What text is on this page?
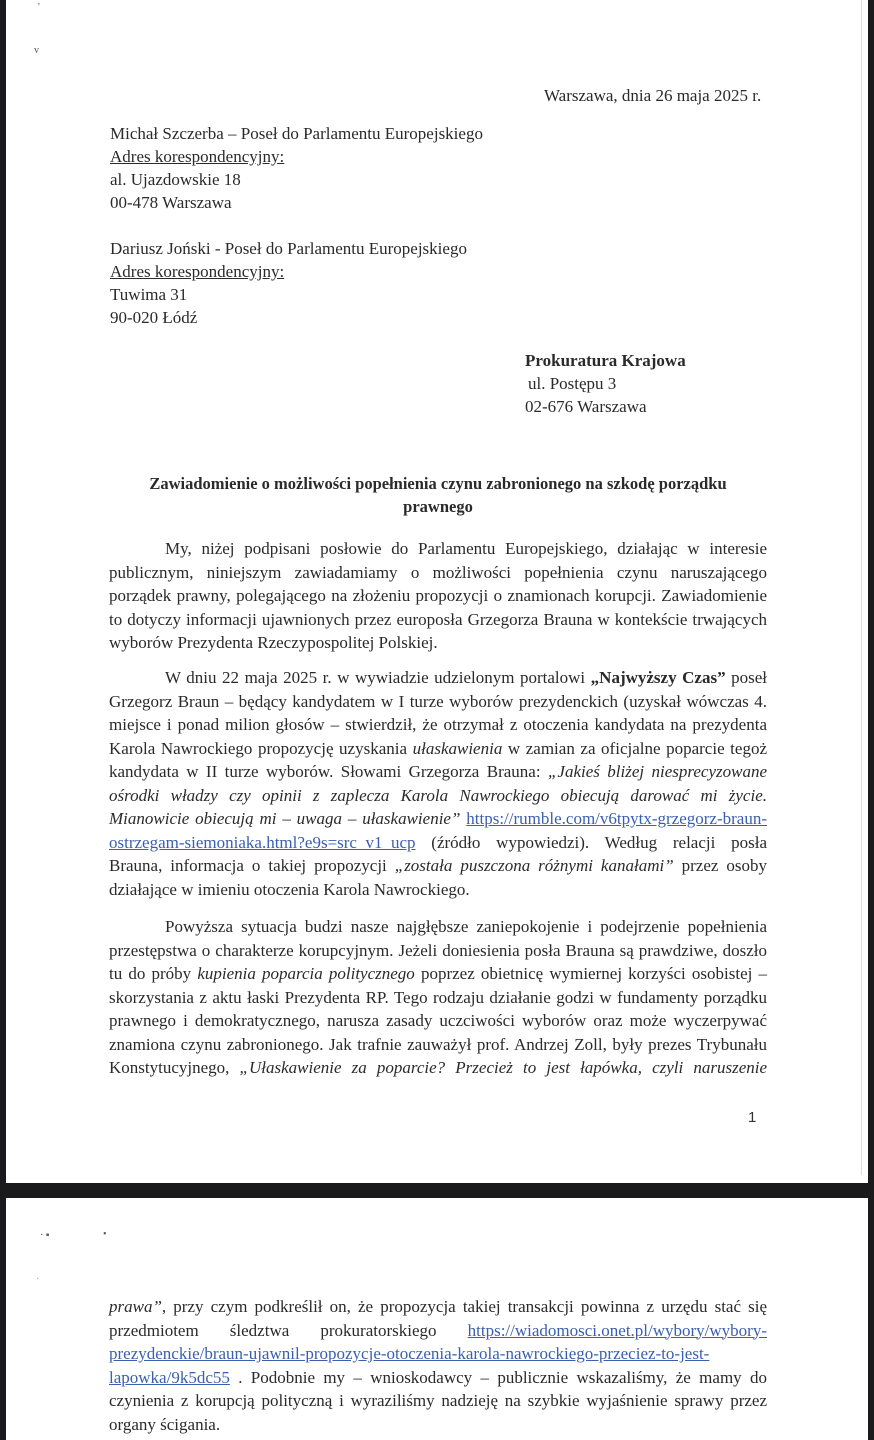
'
v
Warszawa, dnia 26 maja 2025 r.
Michał Szczerba – Poseł do Parlamentu Europejskiego
Adres korespondencyjny:
al. Ujazdowskie 18
00-478 Warszawa
Dariusz Joński - Poseł do Parlamentu Europejskiego
Adres korespondencyjny:
Tuwima 31
90-020 Łódź
Prokuratura Krajowa
ul. Postępu 3
02-676 Warszawa
Zawiadomienie o możliwości popełnienia czynu zabronionego na szkodę porządku
prawnego
My, niżej podpisani posłowie do Parlamentu Europejskiego, działając w interesie
publicznym, niniejszym zawiadamiamy o możliwości popełnienia czynu naruszającego
porządek prawny, polegającego na złożeniu propozycji o znamionach korupcji. Zawiadomienie
to dotyczy informacji ujawnionych przez europosła Grzegorza Brauna w kontekście trwających
wyborów Prezydenta Rzeczypospolitej Polskiej.
W dniu 22 maja 2025 r. w wywiadzie udzielonym portalowi „Najwyższy Czas” poseł
Grzegorz Braun – będący kandydatem w I turze wyborów prezydenckich (uzyskał wówczas 4.
miejsce i ponad milion głosów – stwierdził, że otrzymał z otoczenia kandydata na prezydenta
Karola Nawrockiego propozycję uzyskania ułaskawienia w zamian za oficjalne poparcie tegoż
kandydata w II turze wyborów. Słowami Grzegorza Brauna: „Jakieś bliżej niesprecyzowane
ośrodki władzy czy opinii z zaplecza Karola Nawrockiego obiecują darować mi życie.
Mianowicie obiecują mi – uwaga – ułaskawienie” https://rumble.com/v6tpytx-grzegorz-braun-
ostrzegam-siemoniaka.html?e9s=src_v1_ucp (źródło wypowiedzi). Według relacji posła
Brauna, informacja o takiej propozycji „została puszczona różnymi kanałami” przez osoby
działające w imieniu otoczenia Karola Nawrockiego.
Powyższa sytuacja budzi nasze najgłębsze zaniepokojenie i podejrzenie popełnienia
przestępstwa o charakterze korupcyjnym. Jeżeli doniesienia posła Brauna są prawdziwe, doszło
tu do próby kupienia poparcia politycznego poprzez obietnicę wymiernej korzyści osobistej –
skorzystania z aktu łaski Prezydenta RP. Tego rodzaju działanie godzi w fundamenty porządku
prawnego i demokratycznego, narusza zasady uczciwości wyborów oraz może wyczerpywać
znamiona czynu zabronionego. Jak trafnie zauważył prof. Andrzej Zoll, były prezes Trybunału
Konstytucyjnego, „Ułaskawienie za poparcie? Przecież to jest łapówka, czyli naruszenie
1
· ▪	•
·
prawa”, przy czym podkreślił on, że propozycja takiej transakcji powinna z urzędu stać się
przedmiotem śledztwa prokuratorskiego https://wiadomosci.onet.pl/wybory/wybory-
prezydenckie/braun-ujawnil-propozycje-otoczenia-karola-nawrockiego-przeciez-to-jest-
lapowka/9k5dc55 . Podobnie my – wnioskodawcy – publicznie wskazaliśmy, że mamy do
czynienia z korupcją polityczną i wyraziliśmy nadzieję na szybkie wyjaśnienie sprawy przez
organy ścigania.
